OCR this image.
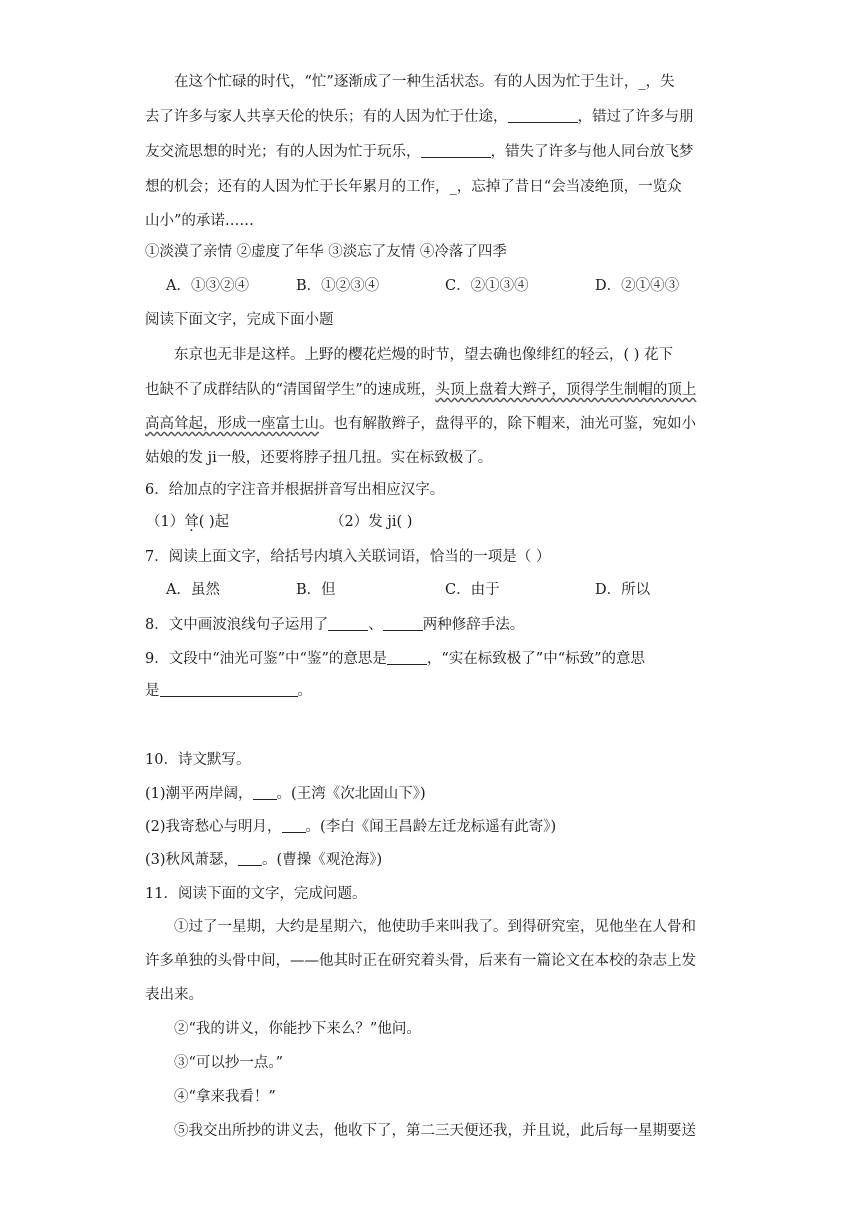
在这个忙碌的时代，“忙”逐渐成了一种生活状态。有的人因为忙于生计，_，失
去了许多与家人共享天伦的快乐；有的人因为忙于仕途，	，错过了许多与朋
友交流思想的时光；有的人因为忙于玩乐，	，错失了许多与他人同台放飞梦
想的机会；还有的人因为忙于长年累月的工作，_，忘掉了昔日“会当凌绝顶，一览众
山小”的承诺……
①淡漠了亲情 ②虚度了年华 ③淡忘了友情 ④冷落了四季
A．①③②④	B．①②③④	C．②①③④	D．②①④③
阅读下面文字，完成下面小题
东京也无非是这样。上野的樱花烂熳的时节，望去确也像绯红的轻云，( ) 花下
也缺不了成群结队的“清国留学生”的速成班，头顶上盘着大辫子，顶得学生制帽的顶上
高高耸起，形成一座富士山。也有解散辫子，盘得平的，除下帽来，油光可鉴，宛如小
姑娘的发 ji一般，还要将脖子扭几扭。实在标致极了。
6．给加点的字注音并根据拼音写出相应汉字。
（1）耸( )起	（2）发 ji( )
7．阅读上面文字，给括号内填入关联词语，恰当的一项是（ ）
A．虽然	B．但	C．由于	D．所以
8．文中画波浪线句子运用了	、	两种修辞手法。
9．文段中“油光可鉴”中“鉴”的意思是	，“实在标致极了”中“标致”的意思
是	。
10．诗文默写。
(1)潮平两岸阔， 。(王湾《次北固山下》)
(2)我寄愁心与明月， 。(李白《闻王昌龄左迁龙标遥有此寄》)
(3)秋风萧瑟， 。(曹操《观沧海》)
11．阅读下面的文字，完成问题。
①过了一星期，大约是星期六，他使助手来叫我了。到得研究室，见他坐在人骨和
许多单独的头骨中间，——他其时正在研究着头骨，后来有一篇论文在本校的杂志上发
表出来。
②“我的讲义，你能抄下来么？”他问。
③“可以抄一点。”
④“拿来我看！”
⑤我交出所抄的讲义去，他收下了，第二三天便还我，并且说，此后每一星期要送
